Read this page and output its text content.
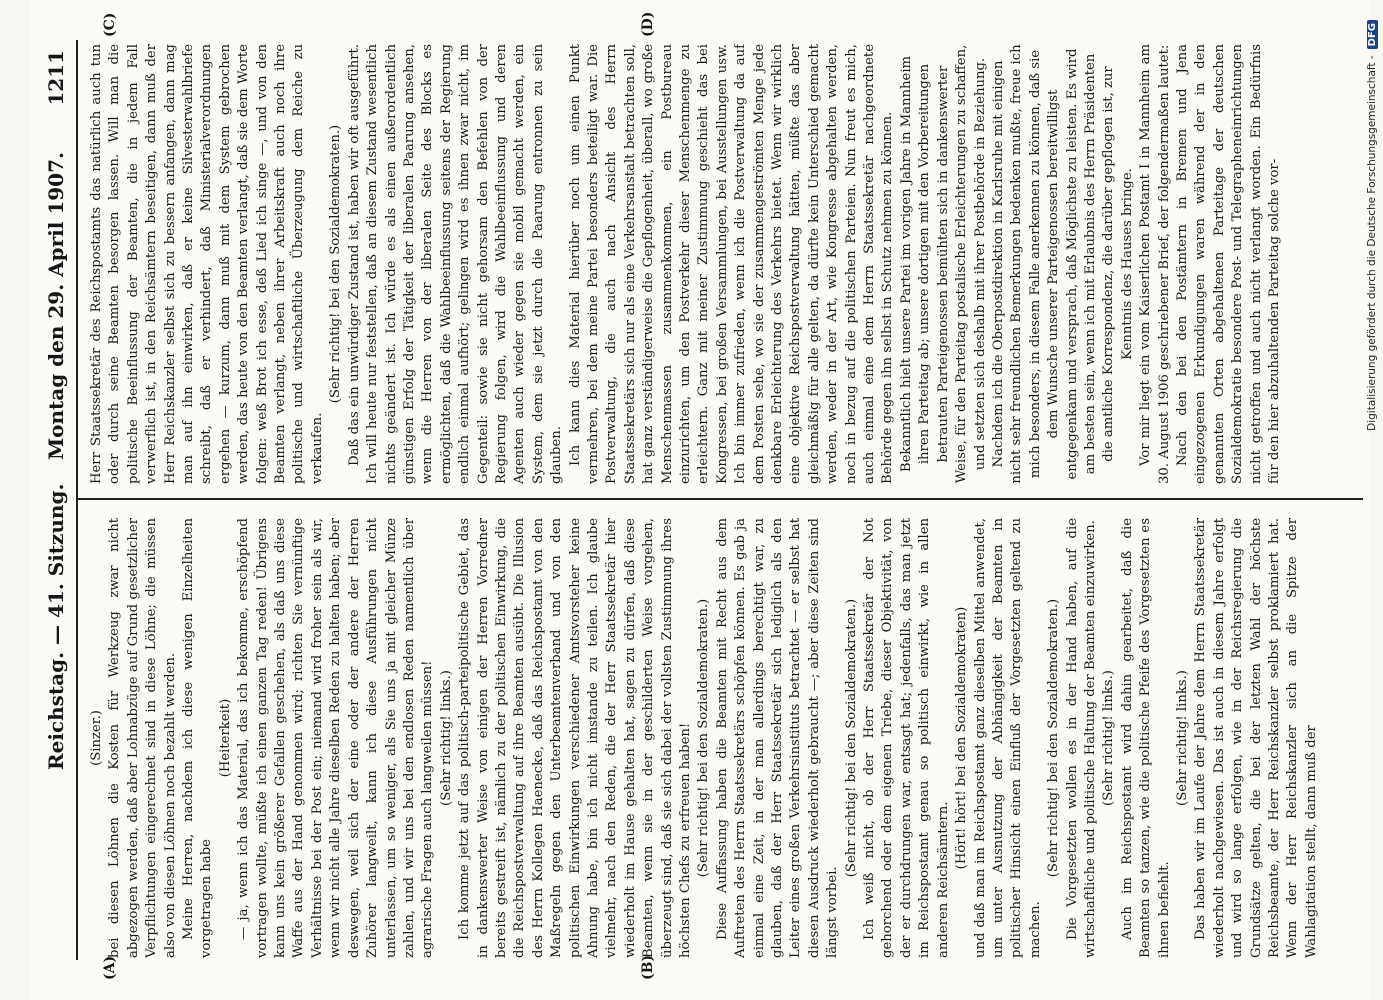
Reichstag. — 41. Sitzung.
Montag den 29. April 1907.
1211
(A)	(B)
(C)	(D)

(Sinzer.) bei diesen Löhnen die Kosten für Werkzeug zwar nicht abgezogen werden, daß aber Lohnabzüge auf Grund gesetzlicher Verpflichtungen eingerechnet sind in diese Löhne; die müssen also von diesen Löhnen noch bezahlt werden. Meine Herren, nachdem ich diese wenigen Einzelheiten vorgetragen habe

(Heiterkeit) — ja, wenn ich das Material, das ich bekomme, erschöpfend vortragen wollte, müßte ich einen ganzen Tag reden! Übrigens kann uns kein größerer Gefallen geschehen, als daß uns diese Waffe aus der Hand genommen wird; richten Sie vernünftige Verhältnisse bei der Post ein; niemand wird froher sein als wir, wenn wir nicht alle Jahre dieselben Reden zu halten haben; aber deswegen, weil sich der eine oder der andere der Herren Zuhörer langweilt, kann ich diese Ausführungen nicht unterlassen, um so weniger, als Sie uns ja mit gleicher Münze zahlen, und wir uns bei den endlosen Reden namentlich über agrarische Fragen auch langweilen müssen! (Sehr richtig! links.) Ich komme jetzt auf das politisch-parteipolitische Gebiet, das in dankenswerter Weise von einigen der Herren Vorredner bereits gestreift ist, nämlich zu der politischen Einwirkung, die die Reichspostverwaltung auf ihre Beamten ausübt. Die Illusion des Herrn Kollegen Haenecke, daß das Reichspostamt von den Maßregeln gegen den Unterbeamtenverband und von den politischen Einwirkungen verschiedener Amtsvorsteher keine Ahnung habe, bin ich nicht imstande zu teilen. Ich glaube vielmehr, nach den Reden, die der Herr Staatssekretär hier wiederholt im Hause gehalten hat, sagen zu dürfen, daß diese Beamten, wenn sie in der geschilderten Weise vorgehen, überzeugt sind, daß sie sich dabei der vollsten Zustimmung ihres höchsten Chefs zu erfreuen haben! (Sehr richtig! bei den Sozialdemokraten.) Diese Auffassung haben die Beamten mit Recht aus dem Auftreten des Herrn Staatssekretärs schöpfen können. Es gab ja einmal eine Zeit, in der man allerdings berechtigt war, zu glauben, daß der Herr Staatssekretär sich lediglich als den Leiter eines großen Verkehrsinstituts betrachtet — er selbst hat diesen Ausdruck wiederholt gebraucht —; aber diese Zeiten sind längst vorbei.

(Sehr richtig! bei den Sozialdemokraten.) Ich weiß nicht, ob der Herr Staatssekretär der Not gehorchend oder dem eigenen Triebe, dieser Objektivität, von der er durchdrungen war, entsagt hat; jedenfalls, das man jetzt im Reichspostamt genau so politisch einwirkt, wie in allen anderen Reichsämtern.

(Hört! hört! bei den Sozialdemokraten) und daß man im Reichspostamt ganz dieselben Mittel anwendet, um unter Ausnutzung der Abhängigkeit der Beamten in politischer Hinsicht einen Einfluß der Vorgesetzten geltend zu machen.

(Sehr richtig! bei den Sozialdemokraten.) Die Vorgesetzten wollen es in der Hand haben, auf die wirtschaftliche und politische Haltung der Beamten einzuwirken. (Sehr richtig! links.) Auch im Reichspostamt wird dahin gearbeitet, daß die Beamten so tanzen, wie die politische Pfeife des Vorgesetzten es ihnen befiehlt.

(Sehr richtig! links.) Das haben wir im Laufe der Jahre dem Herrn Staatssekretär wiederholt nachgewiesen. Das ist auch in diesem Jahre erfolgt und wird so lange erfolgen, wie in der Reichsregierung die Grundsätze gelten, die bei der letzten Wahl der höchste Reichsbeamte, der Herr Reichskanzler selbst proklamiert hat. Wenn der Herr Reichskanzler sich an die Spitze der Wahlagitation stellt, dann muß der

Herr Staatssekretär des Reichspostamts das natürlich auch tun oder durch seine Beamten besorgen lassen. Will man die politische Beeinflussung der Beamten, die in jedem Fall verwerflich ist, in den Reichsämtern beseitigen, dann muß der Herr Reichskanzler selbst sich zu bessern anfangen, dann mag man auf ihn einwirken, daß er keine Silvesterwahlbriefe schreibt, daß er verhindert, daß Ministerialverordnungen ergehen — kurzum, dann muß mit dem System gebrochen werden, das heute von den Beamten verlangt, daß sie dem Worte folgen: weß Brot ich esse, deß Lied ich singe —, und von den Beamten verlangt, neben ihrer Arbeitskraft auch noch ihre politische und wirtschaftliche Überzeugung dem Reiche zu verkaufen.

(Sehr richtig! bei den Sozialdemokraten.) Daß das ein unwürdiger Zustand ist, haben wir oft ausgeführt. Ich will heute nur feststellen, daß an diesem Zustand wesentlich nichts geändert ist. Ich würde es als einen außerordentlich günstigen Erfolg der Tätigkeit der liberalen Paarung ansehen, wenn die Herren von der liberalen Seite des Blocks es ermöglichten, daß die Wahlbeeinflussung seitens der Regierung endlich einmal aufhört; gelingen wird es ihnen zwar nicht, im Gegenteil: sowie sie nicht gehorsam den Befehlen von der Regierung folgen, wird die Wahlbeeinflussung und deren Agenten auch wieder gegen sie mobil gemacht werden, ein System, dem sie jetzt durch die Paarung entronnen zu sein glauben. Ich kann dies Material hierüber noch um einen Punkt vermehren, bei dem meine Partei besonders beteiligt war. Die Postverwaltung, die auch nach Ansicht des Herrn Staatssekretärs sich nur als eine Verkehrsanstalt betrachten soll, hat ganz verständigerweise die Gepflogenheit, überall, wo große Menschenmassen zusammenkommen, ein Postbureau einzurichten, um den Postverkehr dieser Menschenmenge zu erleichtern. Ganz mit meiner Zustimmung geschieht das bei Kongressen, bei großen Versammlungen, bei Ausstellungen usw. Ich bin immer zufrieden, wenn ich die Postverwaltung da auf dem Posten sehe, wo sie der zusammengeströmten Menge jede denkbare Erleichterung des Verkehrs bietet. Wenn wir wirklich eine objektive Reichspostverwaltung hätten, müßte das aber gleichmäßig für alle gelten, da dürfte kein Unterschied gemacht werden, weder in der Art, wie Kongresse abgehalten werden, noch in bezug auf die politischen Parteien. Nun freut es mich, auch einmal eine dem Herrn Staatssekretär nachgeordnete Behörde gegen ihn selbst in Schutz nehmen zu können. Bekanntlich hielt unsere Partei im vorigen Jahre in Mannheim ihren Parteitag ab; unsere dortigen mit den Vorbereitungen betrauten Parteigenossen bemühten sich in dankenswerter Weise, für den Parteitag postalische Erleichterungen zu schaffen, und setzten sich deshalb mit ihrer Postbehörde in Beziehung. Nachdem ich die Oberpostdirektion in Karlsruhe mit einigen nicht sehr freundlichen Bemerkungen bedenken mußte, freue ich mich besonders, in diesem Falle anerkennen zu können, daß sie dem Wunsche unserer Parteigenossen bereitwilligst entgegenkam und versprach, daß Möglichste zu leisten. Es wird am besten sein, wenn ich mit Erlaubnis des Herrn Präsidenten die amtliche Korrespondenz, die darüber gepflogen ist, zur Kenntnis des Hauses bringe. Vor mir liegt ein vom Kaiserlichen Postamt I in Mannheim am 30. August 1906 geschriebener Brief, der folgendermaßen lautet: Nach den bei den Postämtern in Bremen und Jena eingezogenen Erkundigungen waren während der in den genannten Orten abgehaltenen Parteitage der deutschen Sozialdemokratie besondere Post- und Telegrapheneinrichtungen nicht getroffen und auch nicht verlangt worden. Ein Bedürfnis für den hier abzuhaltenden Parteitag solche vor-	Digitalisierung gefördert durch die Deutsche Forschungsgemeinschaft -
DFG
